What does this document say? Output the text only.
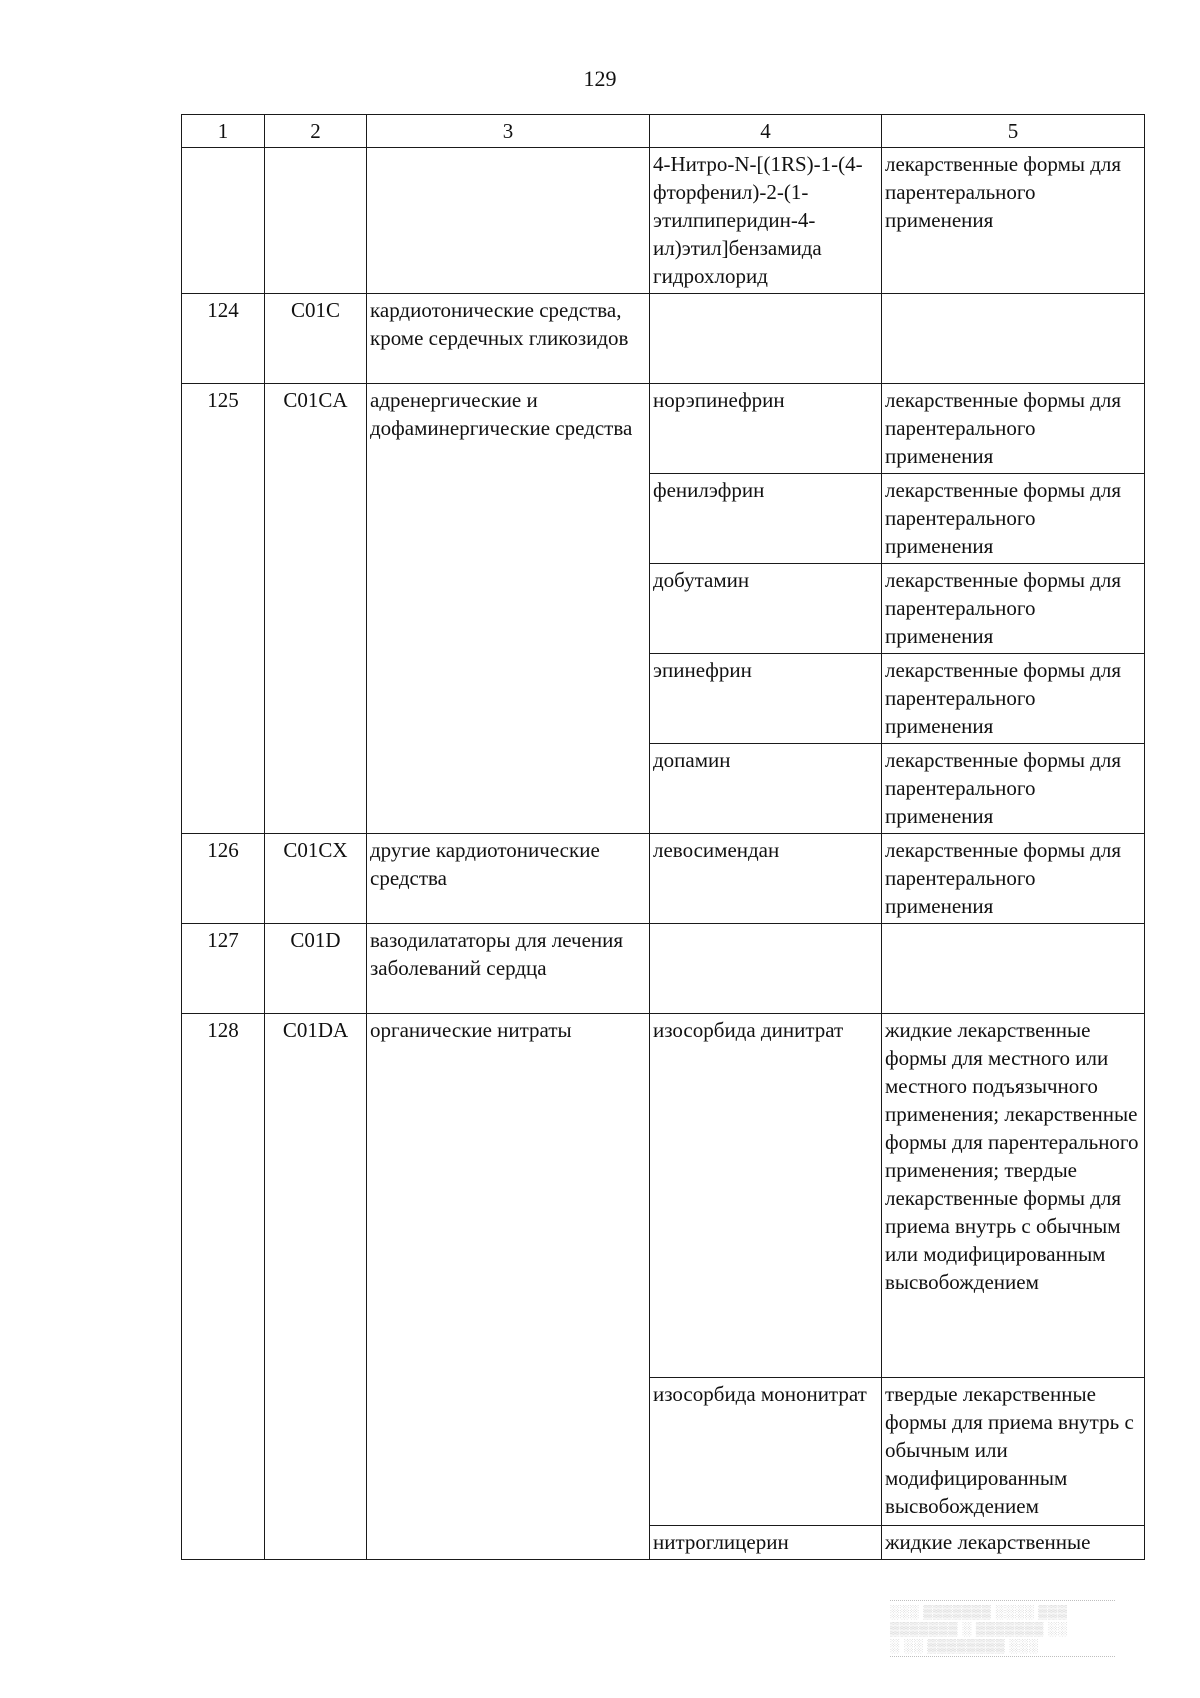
129
1	2	3	4	5
			4-Нитро-N-[(1RS)-1-(4-фторфенил)-2-(1-этилпиперидин-4-ил)этил]бензамида гидрохлорид	лекарственные формы для парентерального применения
124	C01C	кардиотонические средства, кроме сердечных гликозидов		
125	C01CA	адренергические и дофаминергические средства	норэпинефрин	лекарственные формы для парентерального применения
			фенилэфрин	лекарственные формы для парентерального применения
			добутамин	лекарственные формы для парентерального применения
			эпинефрин	лекарственные формы для парентерального применения
			допамин	лекарственные формы для парентерального применения
126	C01CX	другие кардиотонические средства	левосимендан	лекарственные формы для парентерального применения
127	C01D	вазодилататоры для лечения заболеваний сердца		
128	C01DA	органические нитраты	изосорбида динитрат	жидкие лекарственные формы для местного или местного подъязычного применения; лекарственные формы для парентерального применения; твердые лекарственные формы для приема внутрь с обычным или модифицированным высвобождением
			изосорбида мононитрат	твердые лекарственные формы для приема внутрь с обычным или модифицированным высвобождением
			нитроглицерин	жидкие лекарственные
░░░ ▒▒▒▒▒▒▒ ░░░░ ▒▒▒
▒▒▒▒▒▒▒ ░ ▒▒▒▒▒▒▒ ░░
░ ░░ ▒▒▒▒▒▒▒▒ ░░░
